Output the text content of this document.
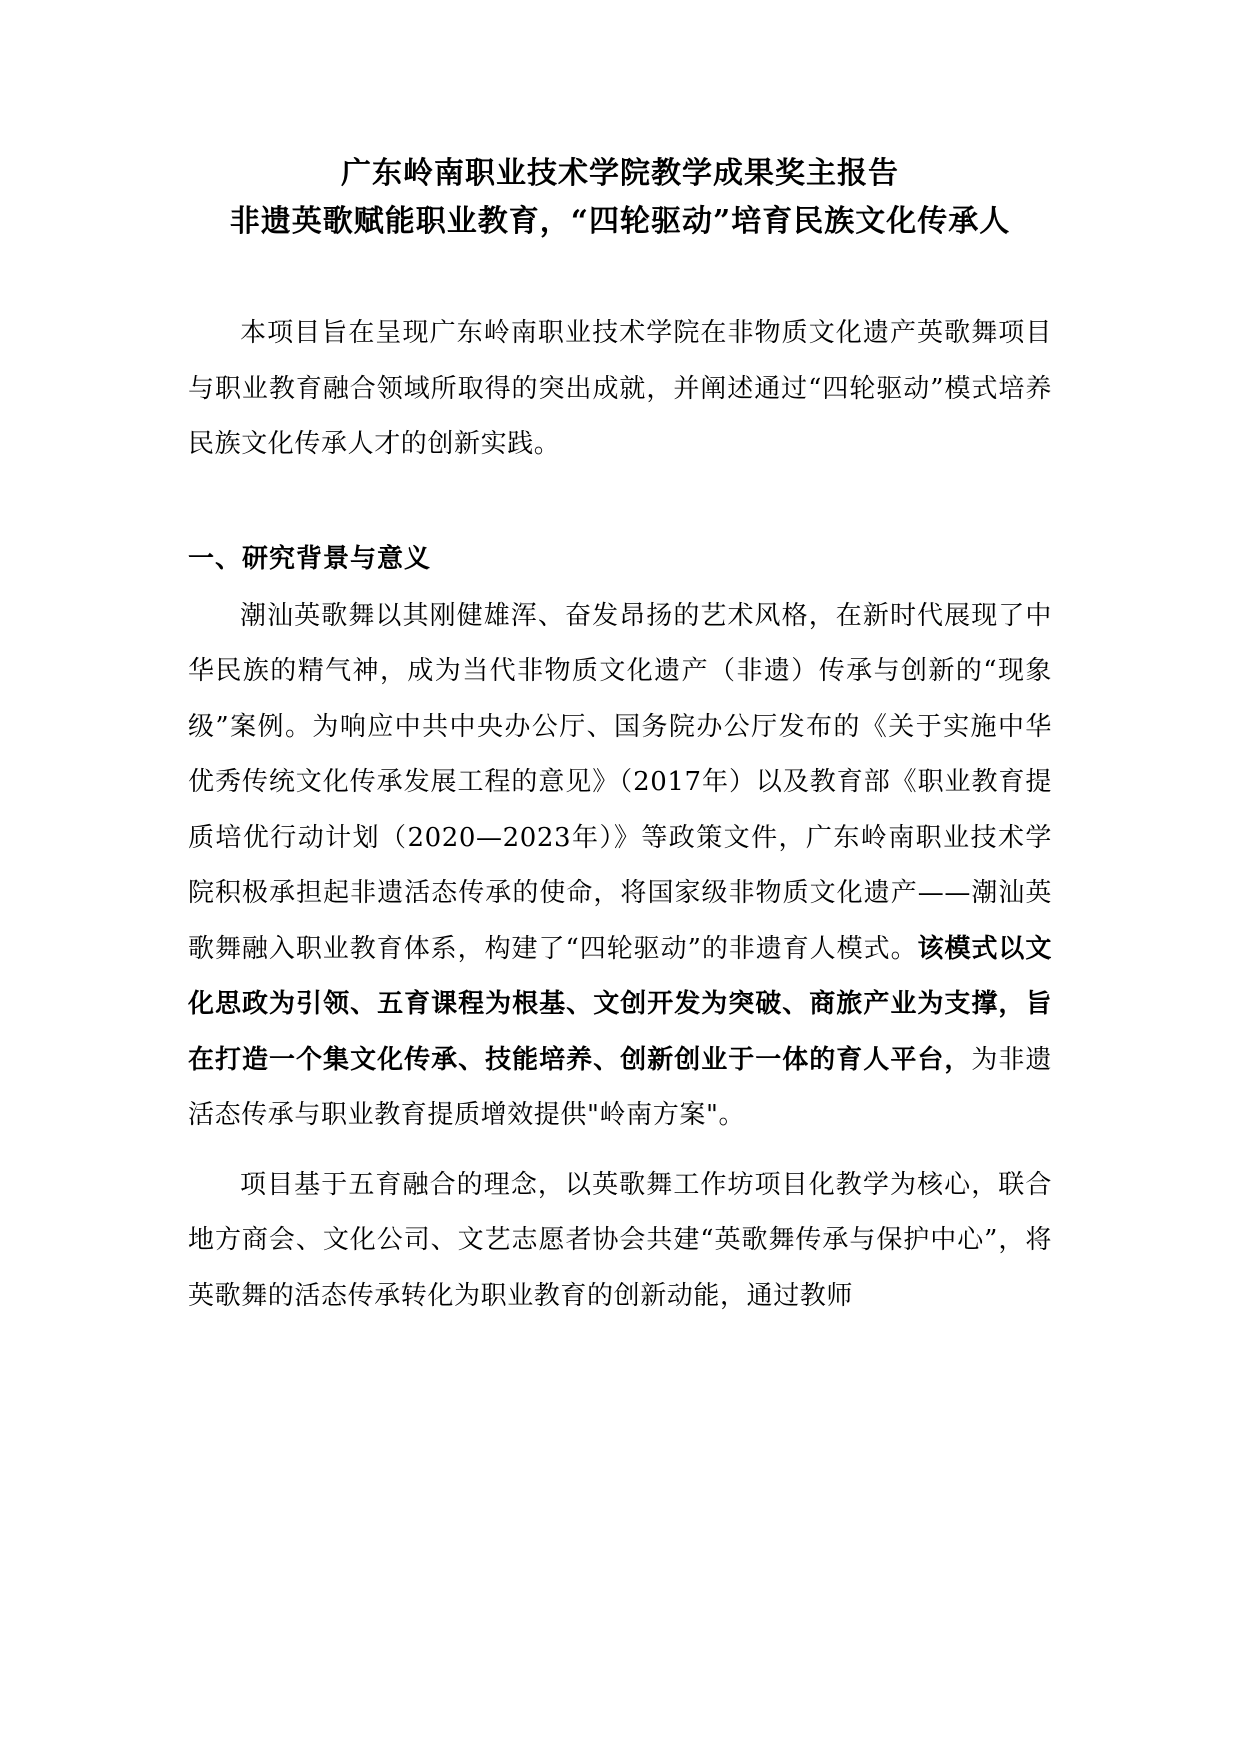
广东岭南职业技术学院教学成果奖主报告
非遗英歌赋能职业教育，“四轮驱动”培育民族文化传承人

本项目旨在呈现广东岭南职业技术学院在非物质文化遗产英歌舞项目与职业教育融合领域所取得的突出成就，并阐述通过“四轮驱动”模式培养民族文化传承人才的创新实践。

一、研究背景与意义

潮汕英歌舞以其刚健雄浑、奋发昂扬的艺术风格，在新时代展现了中华民族的精气神，成为当代非物质文化遗产（非遗）传承与创新的“现象级”案例。为响应中共中央办公厅、国务院办公厅发布的《关于实施中华优秀传统文化传承发展工程的意见》（2017年）以及教育部《职业教育提质培优行动计划（2020—2023年）》等政策文件，广东岭南职业技术学院积极承担起非遗活态传承的使命，将国家级非物质文化遗产——潮汕英歌舞融入职业教育体系，构建了“四轮驱动”的非遗育人模式。该模式以文化思政为引领、五育课程为根基、文创开发为突破、商旅产业为支撑，旨在打造一个集文化传承、技能培养、创新创业于一体的育人平台，为非遗活态传承与职业教育提质增效提供"岭南方案"。

项目基于五育融合的理念，以英歌舞工作坊项目化教学为核心，联合地方商会、文化公司、文艺志愿者协会共建“英歌舞传承与保护中心”，将英歌舞的活态传承转化为职业教育的创新动能，通过教师
